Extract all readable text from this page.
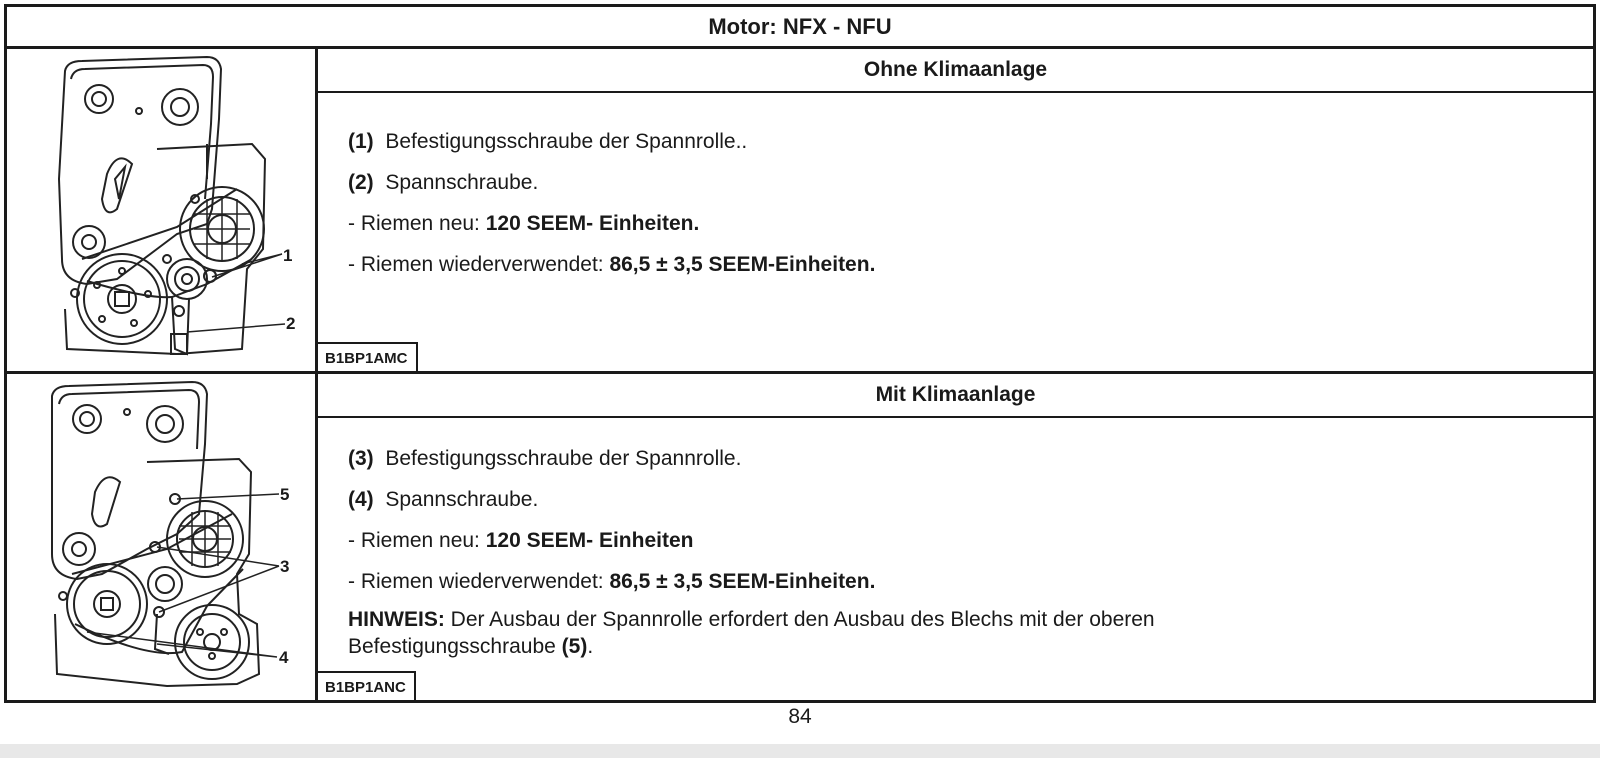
Motor: NFX - NFU
1
2
Ohne Klimaanlage
(1) Befestigungsschraube der Spannrolle..
(2) Spannschraube.
- Riemen neu: 120 SEEM- Einheiten.
- Riemen wiederverwendet: 86,5 ± 3,5 SEEM-Einheiten.
B1BP1AMC
5
3
4
Mit Klimaanlage
(3) Befestigungsschraube der Spannrolle.
(4) Spannschraube.
- Riemen neu: 120 SEEM- Einheiten
- Riemen wiederverwendet: 86,5 ± 3,5 SEEM-Einheiten.
HINWEIS: Der Ausbau der Spannrolle erfordert den Ausbau des Blechs mit der oberen Befestigungsschraube (5).
B1BP1ANC
84
